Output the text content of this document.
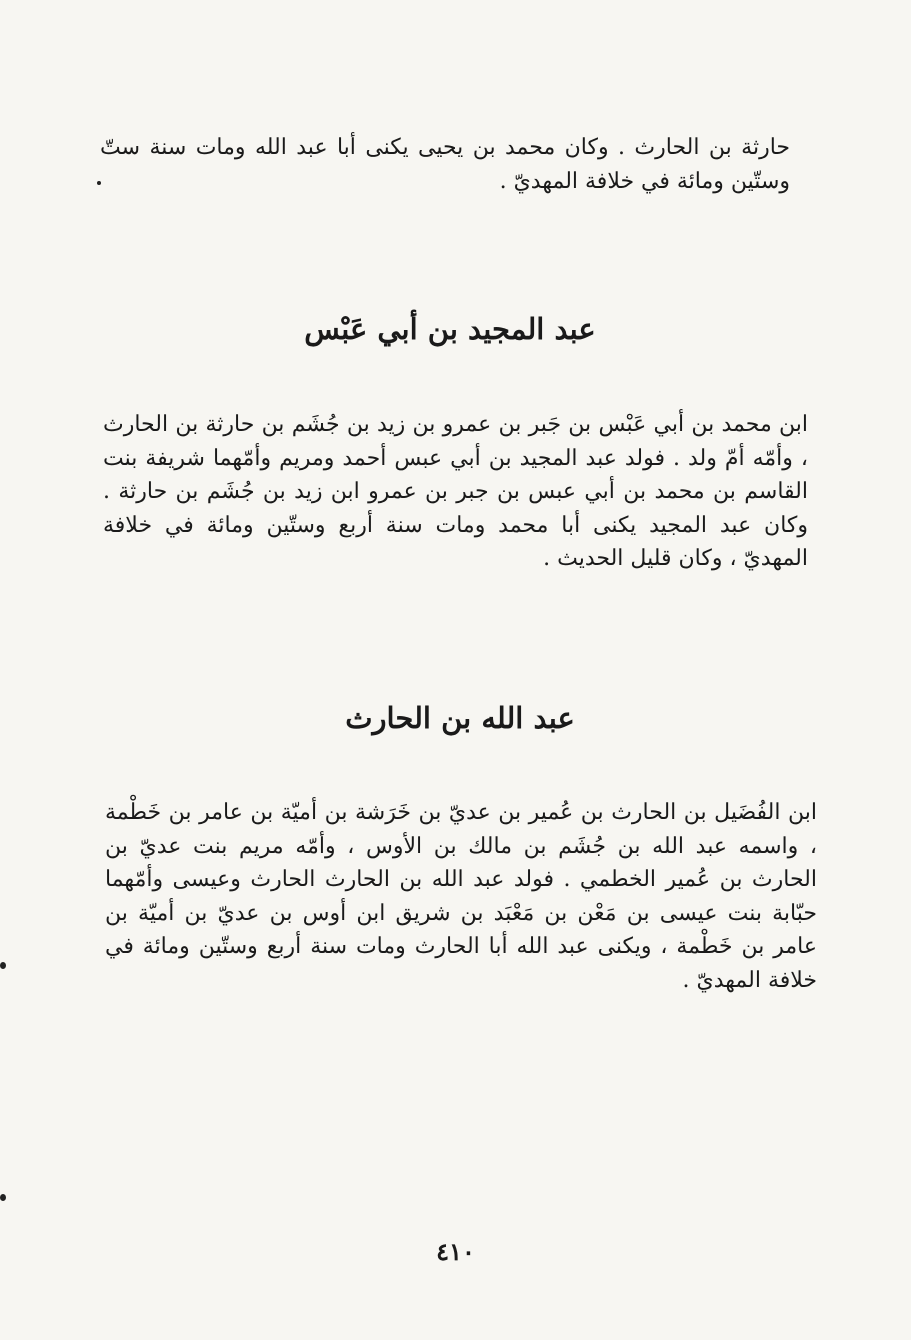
حارثة بن الحارث . وكان محمد بن يحيى يكنى أبا عبد الله ومات سنة ستّ وستّين ومائة في خلافة المهديّ .

عبد المجيد بن أبي عَبْس

ابن محمد بن أبي عَبْس بن جَبر بن عمرو بن زيد بن جُشَم بن حارثة بن الحارث ، وأمّه أمّ ولد . فولد عبد المجيد بن أبي عبس أحمد ومريم وأمّهما شريفة بنت القاسم بن محمد بن أبي عبس بن جبر بن عمرو ابن زيد بن جُشَم بن حارثة . وكان عبد المجيد يكنى أبا محمد ومات سنة أربع وستّين ومائة في خلافة المهديّ ، وكان قليل الحديث .

عبد الله بن الحارث

ابن الفُضَيل بن الحارث بن عُمير بن عديّ بن خَرَشة بن أميّة بن عامر بن خَطْمة ، واسمه عبد الله بن جُشَم بن مالك بن الأوس ، وأمّه مريم بنت عديّ بن الحارث بن عُمير الخطمي . فولد عبد الله بن الحارث الحارث وعيسى وأمّهما حبّابة بنت عيسى بن مَعْن بن مَعْبَد بن شريق ابن أوس بن عديّ بن أميّة بن عامر بن خَطْمة ، ويكنى عبد الله أبا الحارث ومات سنة أربع وستّين ومائة في خلافة المهديّ .

٤١٠
